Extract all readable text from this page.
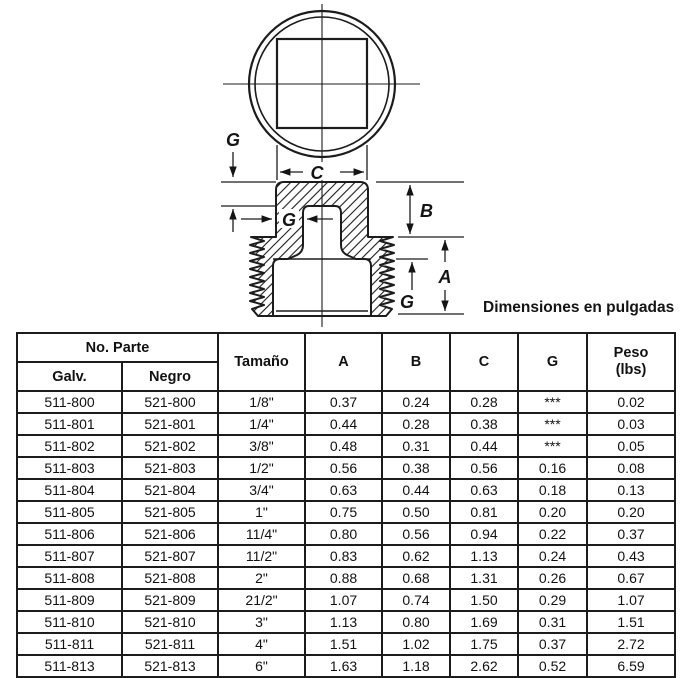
G
C
G	B
A
G	Dimensiones en pulgadas
No. Parte		Tamaño	A	B	C	G	Peso
(lbs)

Galv.	Negro						
511-800	521-800	1/8"	0.37	0.24	0.28	***	0.02
511-801	521-801	1/4"	0.44	0.28	0.38	***	0.03
511-802	521-802	3/8"	0.48	0.31	0.44	***	0.05
511-803	521-803	1/2"	0.56	0.38	0.56	0.16	0.08
511-804	521-804	3/4"	0.63	0.44	0.63	0.18	0.13
511-805	521-805	1"	0.75	0.50	0.81	0.20	0.20
511-806	521-806	11/4"	0.80	0.56	0.94	0.22	0.37
511-807	521-807	11/2"	0.83	0.62	1.13	0.24	0.43
511-808	521-808	2"	0.88	0.68	1.31	0.26	0.67
511-809	521-809	21/2"	1.07	0.74	1.50	0.29	1.07
511-810	521-810	3"	1.13	0.80	1.69	0.31	1.51
511-811	521-811	4"	1.51	1.02	1.75	0.37	2.72
511-813	521-813	6"	1.63	1.18	2.62	0.52	6.59
